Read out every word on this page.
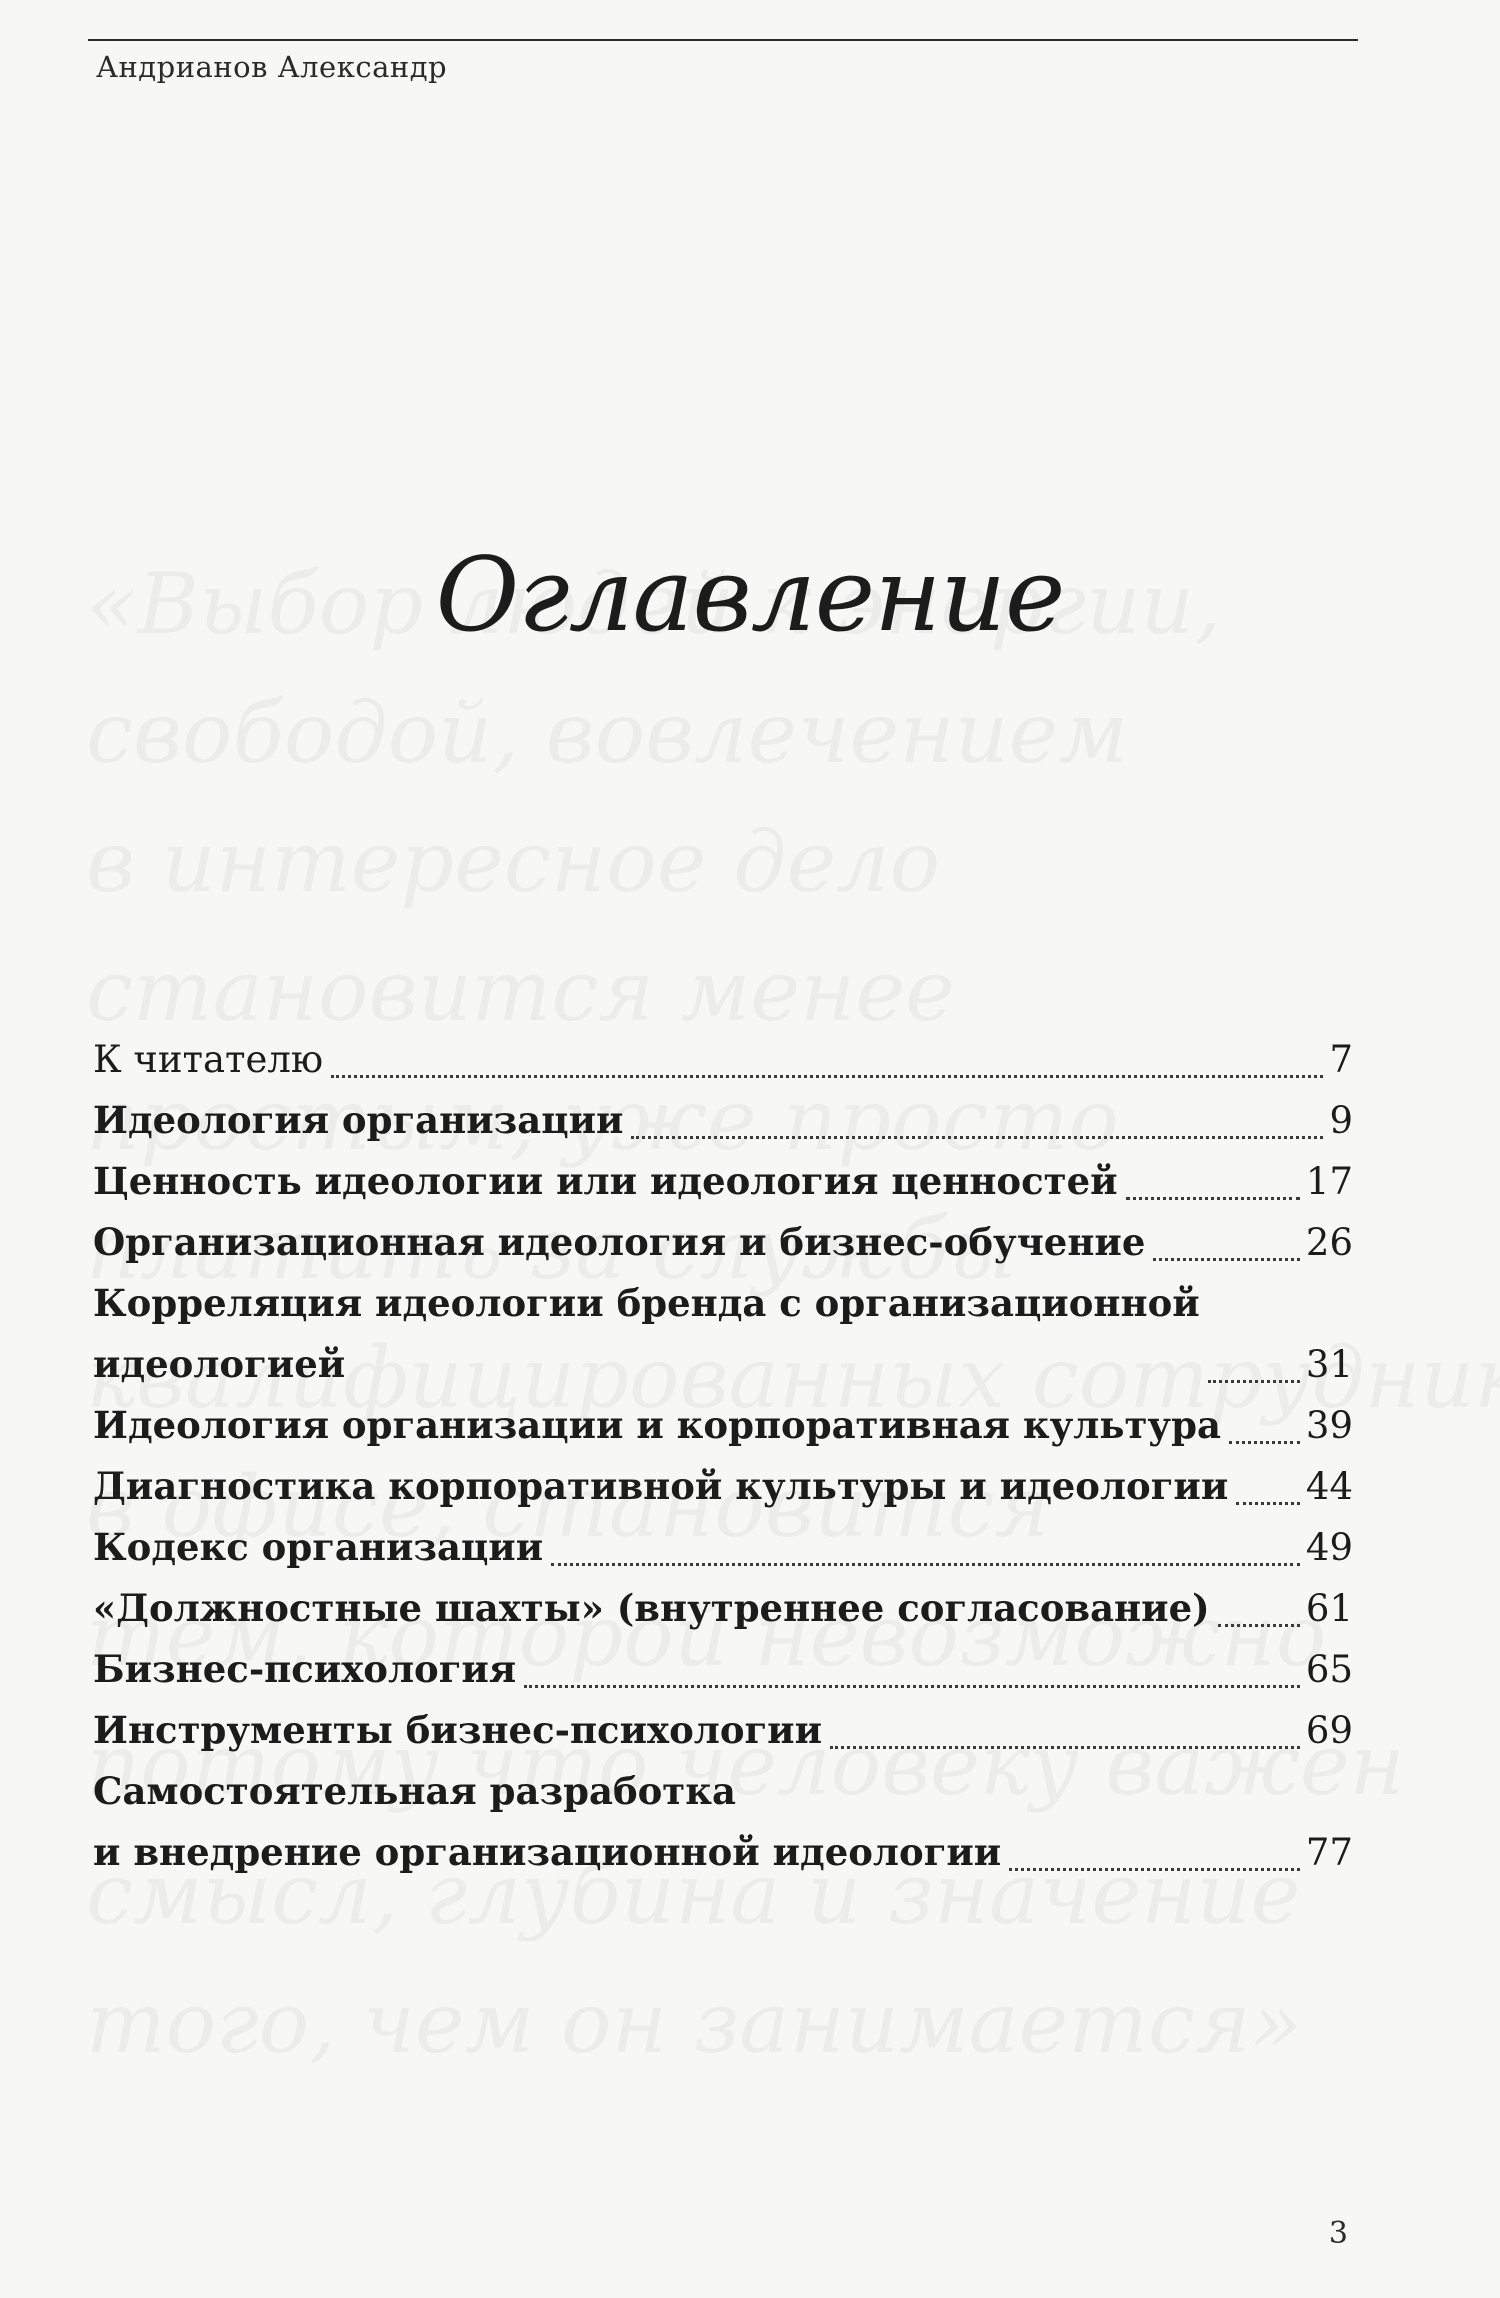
Андрианов Александр
Оглавление
К читателю	7
Идеология организации	9
Ценность идеологии или идеология ценностей	17
Организационная идеология и бизнес-обучение	26
Корреляция идеологии бренда с организационной
идеологией	31
Идеология организации и корпоративная культура 39
Диагностика корпоративной культуры и идеологии 44
Кодекс организации	49
«Должностные шахты» (внутреннее согласование)	61
Бизнес-психология	65
Инструменты бизнес-психологии	69
Самостоятельная разработка
и внедрение организационной идеологии	77
3
